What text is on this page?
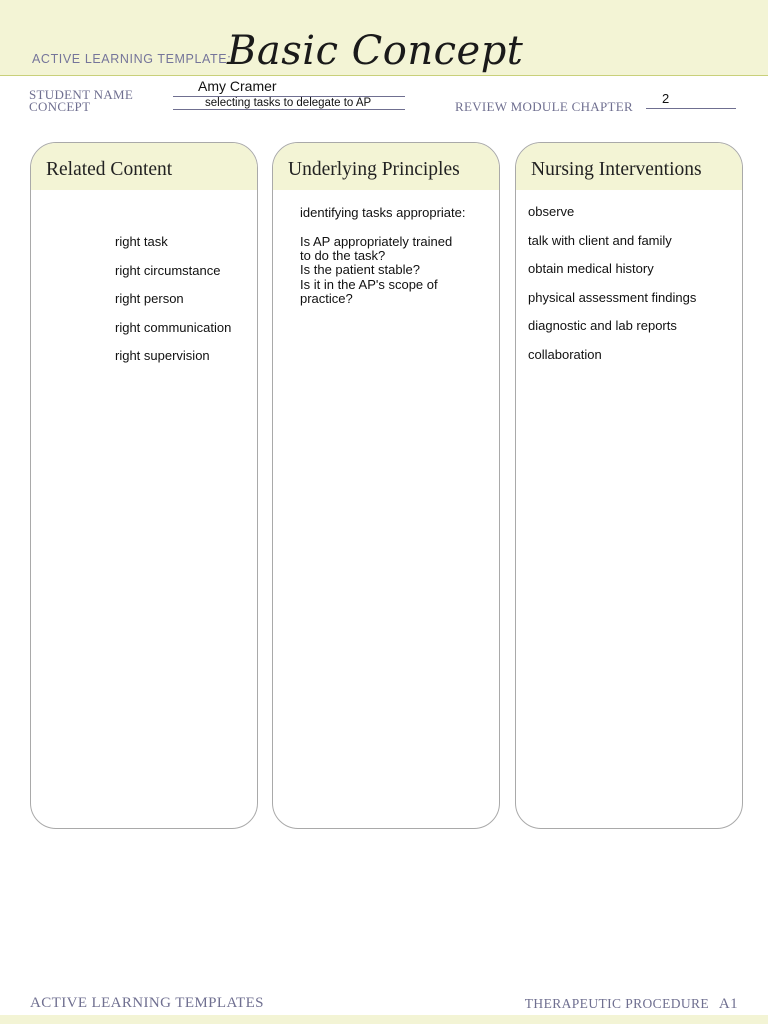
ACTIVE LEARNING TEMPLATE:
Basic Concept
STUDENT NAME
Amy Cramer
CONCEPT	selecting tasks to delegate to AP	REVIEW MODULE CHAPTER
2
Related Content
right task
right circumstance
right person
right communication
right supervision
Underlying Principles
identifying tasks appropriate:
Is AP appropriately trained
to do the task?
Is the patient stable?
Is it in the AP's scope of
practice?
Nursing Interventions
observe
talk with client and family
obtain medical history
physical assessment findings
diagnostic and lab reports
collaboration
ACTIVE LEARNING TEMPLATES	THERAPEUTIC PROCEDURE A1
